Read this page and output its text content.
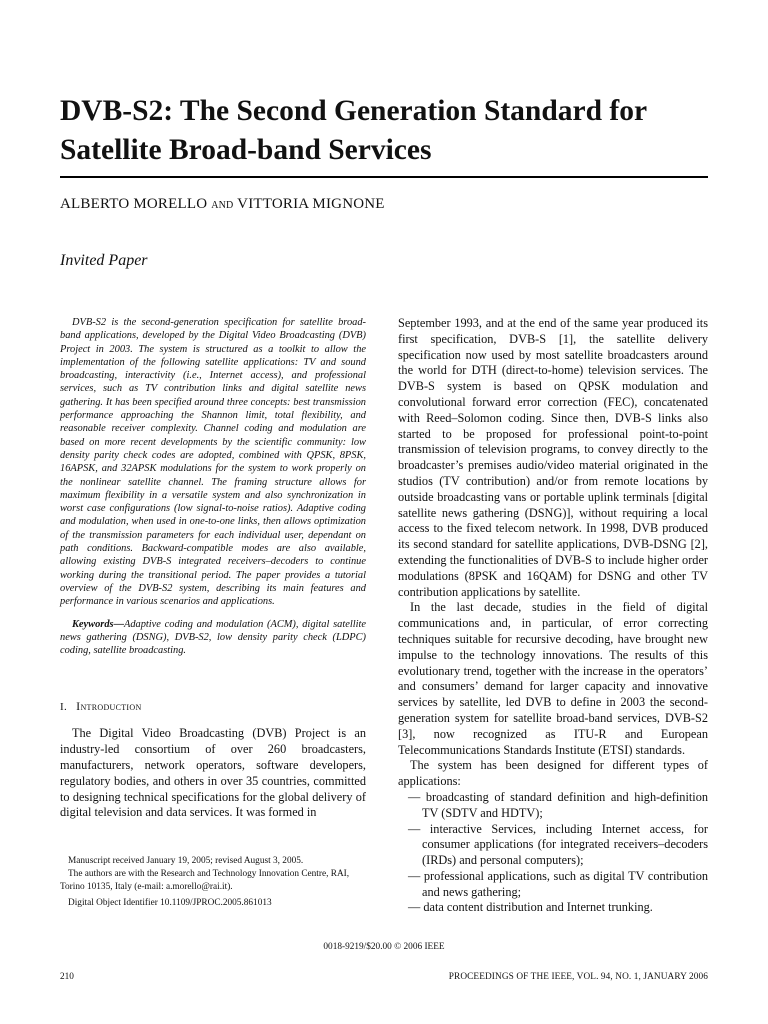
DVB-S2: The Second Generation Standard for Satellite Broad-band Services
ALBERTO MORELLO and VITTORIA MIGNONE
Invited Paper

DVB-S2 is the second-generation specification for satellite broad-band applications, developed by the Digital Video Broadcasting (DVB) Project in 2003. The system is structured as a toolkit to allow the implementation of the following satellite applications: TV and sound broadcasting, interactivity (i.e., Internet access), and professional services, such as TV contribution links and digital satellite news gathering. It has been specified around three concepts: best transmission performance approaching the Shannon limit, total flexibility, and reasonable receiver complexity. Channel coding and modulation are based on more recent developments by the scientific community: low density parity check codes are adopted, combined with QPSK, 8PSK, 16APSK, and 32APSK modulations for the system to work properly on the nonlinear satellite channel. The framing structure allows for maximum flexibility in a versatile system and also synchronization in worst case configurations (low signal-to-noise ratios). Adaptive coding and modulation, when used in one-to-one links, then allows optimization of the transmission parameters for each individual user, dependant on path conditions. Backward-compatible modes are also available, allowing existing DVB-S integrated receivers–decoders to continue working during the transitional period. The paper provides a tutorial overview of the DVB-S2 system, describing its main features and performance in various scenarios and applications.

Keywords—Adaptive coding and modulation (ACM), digital satellite news gathering (DSNG), DVB-S2, low density parity check (LDPC) coding, satellite broadcasting.

I. Introduction

The Digital Video Broadcasting (DVB) Project is an industry-led consortium of over 260 broadcasters, manufacturers, network operators, software developers, regulatory bodies, and others in over 35 countries, committed to designing technical specifications for the global delivery of digital television and data services. It was formed in

September 1993, and at the end of the same year produced its first specification, DVB-S [1], the satellite delivery specification now used by most satellite broadcasters around the world for DTH (direct-to-home) television services. The DVB-S system is based on QPSK modulation and convolutional forward error correction (FEC), concatenated with Reed–Solomon coding. Since then, DVB-S links also started to be proposed for professional point-to-point transmission of television programs, to convey directly to the broadcaster’s premises audio/video material originated in the studios (TV contribution) and/or from remote locations by outside broadcasting vans or portable uplink terminals [digital satellite news gathering (DSNG)], without requiring a local access to the fixed telecom network. In 1998, DVB produced its second standard for satellite applications, DVB-DSNG [2], extending the functionalities of DVB-S to include higher order modulations (8PSK and 16QAM) for DSNG and other TV contribution applications by satellite.

In the last decade, studies in the field of digital communications and, in particular, of error correcting techniques suitable for recursive decoding, have brought new impulse to the technology innovations. The results of this evolutionary trend, together with the increase in the operators’ and consumers’ demand for larger capacity and innovative services by satellite, led DVB to define in 2003 the second-generation system for satellite broad-band services, DVB-S2 [3], now recognized as ITU-R and European Telecommunications Standards Institute (ETSI) standards.

The system has been designed for different types of applications:

— broadcasting of standard definition and high-definition TV (SDTV and HDTV);
— interactive Services, including Internet access, for consumer applications (for integrated receivers–decoders (IRDs) and personal computers);
— professional applications, such as digital TV contribution and news gathering;
— data content distribution and Internet trunking.

Manuscript received January 19, 2005; revised August 3, 2005.

The authors are with the Research and Technology Innovation Centre, RAI, Torino 10135, Italy (e-mail: a.morello@rai.it).

Digital Object Identifier 10.1109/JPROC.2005.861013

0018-9219/$20.00 © 2006 IEEE
210	PROCEEDINGS OF THE IEEE, VOL. 94, NO. 1, JANUARY 2006
